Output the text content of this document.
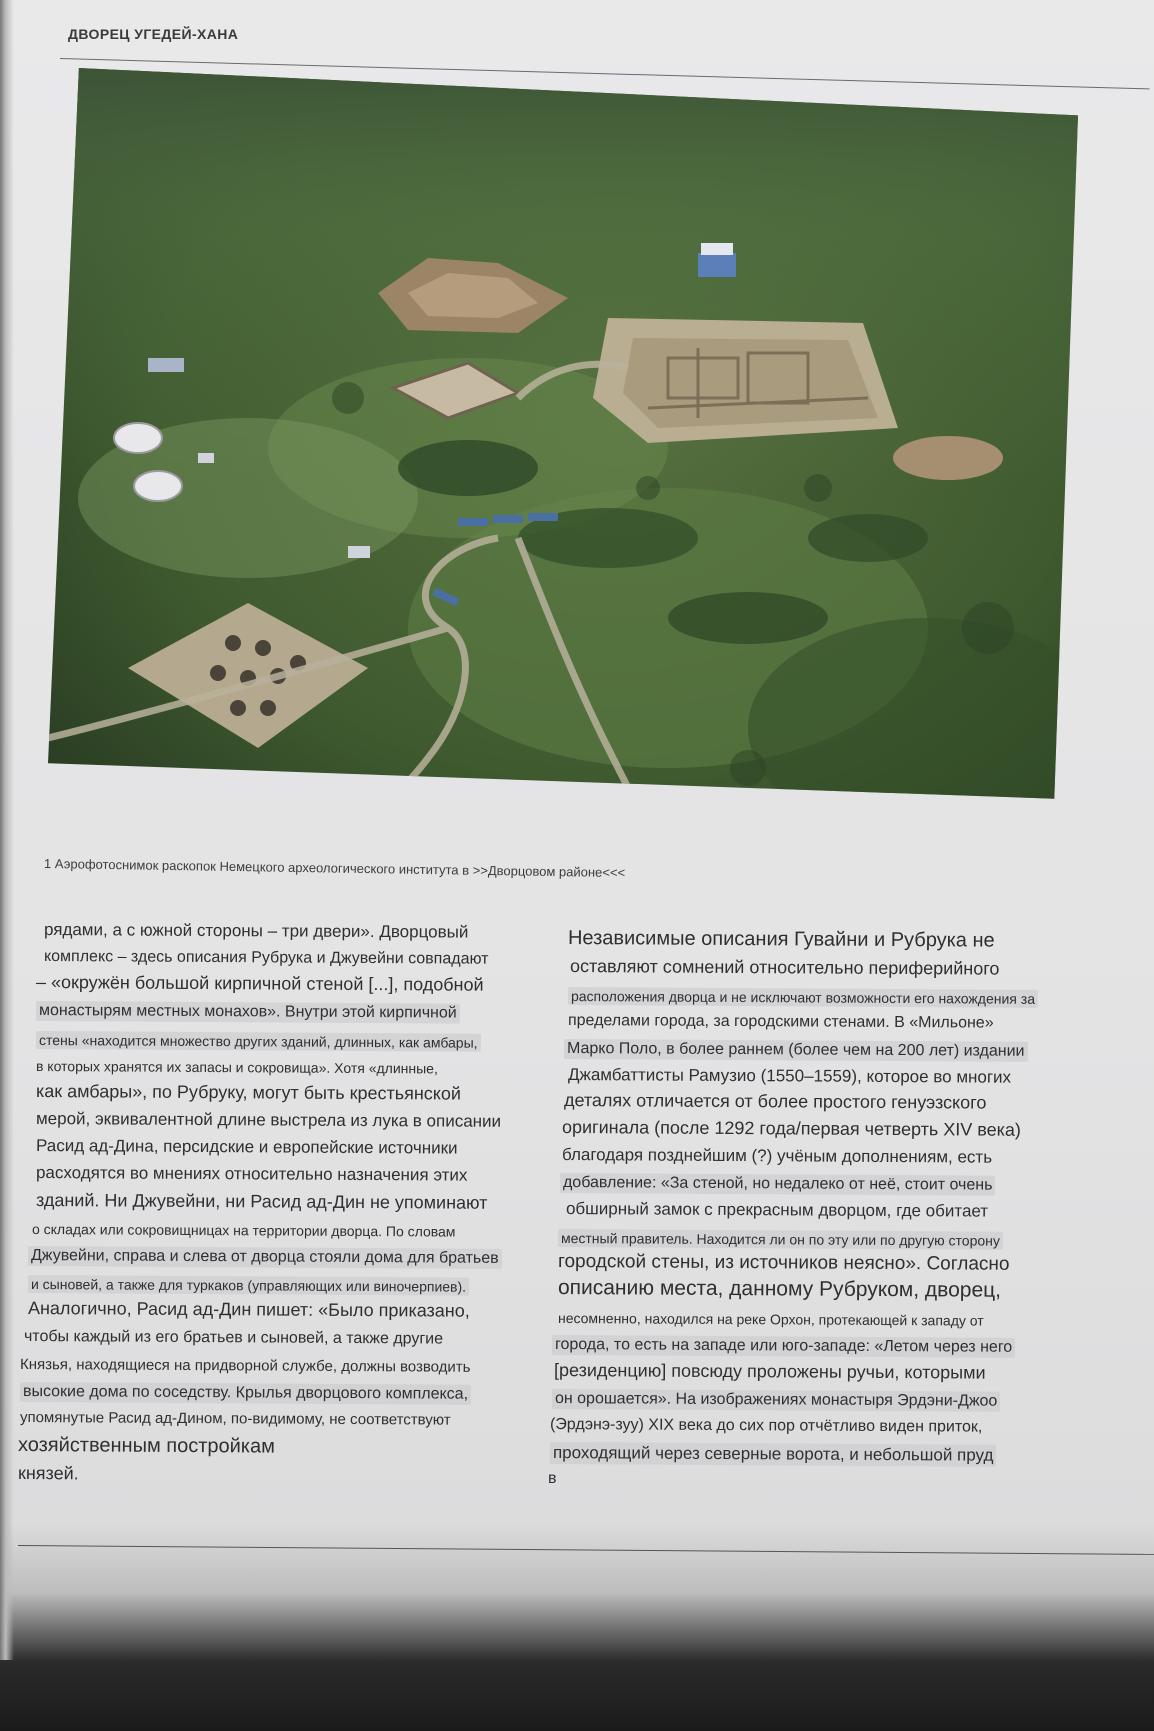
ДВОРЕЦ УГЕДЕЙ-ХАНА
1 Аэрофотоснимок раскопок Немецкого археологического института в >>Дворцовом районе<<<
рядами, а с южной стороны – три двери». Дворцовый
комплекс – здесь описания Рубрука и Джувейни совпадают
– «окружён большой кирпичной стеной [...], подобной
монастырям местных монахов». Внутри этой кирпичной
стены «находится множество других зданий, длинных, как амбары,
в которых хранятся их запасы и сокровища». Хотя «длинные,
как амбары», по Рубруку, могут быть крестьянской
мерой, эквивалентной длине выстрела из лука в описании
Расид ад-Дина, персидские и европейские источники
расходятся во мнениях относительно назначения этих
зданий. Ни Джувейни, ни Расид ад-Дин не упоминают
о складах или сокровищницах на территории дворца. По словам
Джувейни, справа и слева от дворца стояли дома для братьев
и сыновей, а также для туркаков (управляющих или виночерпиев).
Аналогично, Расид ад-Дин пишет: «Было приказано,
чтобы каждый из его братьев и сыновей, а также другие
Князья, находящиеся на придворной службе, должны возводить
высокие дома по соседству. Крылья дворцового комплекса,
упомянутые Расид ад-Дином, по-видимому, не соответствуют
хозяйственным постройкам
князей.
Независимые описания Гувайни и Рубрука не
оставляют сомнений относительно периферийного
расположения дворца и не исключают возможности его нахождения за
пределами города, за городскими стенами. В «Мильоне»
Марко Поло, в более раннем (более чем на 200 лет) издании
Джамбаттисты Рамузио (1550–1559), которое во многих
деталях отличается от более простого генуэзского
оригинала (после 1292 года/первая четверть XIV века)
благодаря позднейшим (?) учёным дополнениям, есть
добавление: «За стеной, но недалеко от неё, стоит очень
обширный замок с прекрасным дворцом, где обитает
местный правитель. Находится ли он по эту или по другую сторону
городской стены, из источников неясно». Согласно
описанию места, данному Рубруком, дворец,
несомненно, находился на реке Орхон, протекающей к западу от
города, то есть на западе или юго-западе: «Летом через него
[резиденцию] повсюду проложены ручьи, которыми
он орошается». На изображениях монастыря Эрдэни-Джоо
(Эрдэнэ-зуу) XIX века до сих пор отчётливо виден приток,
проходящий через северные ворота, и небольшой пруд
в
